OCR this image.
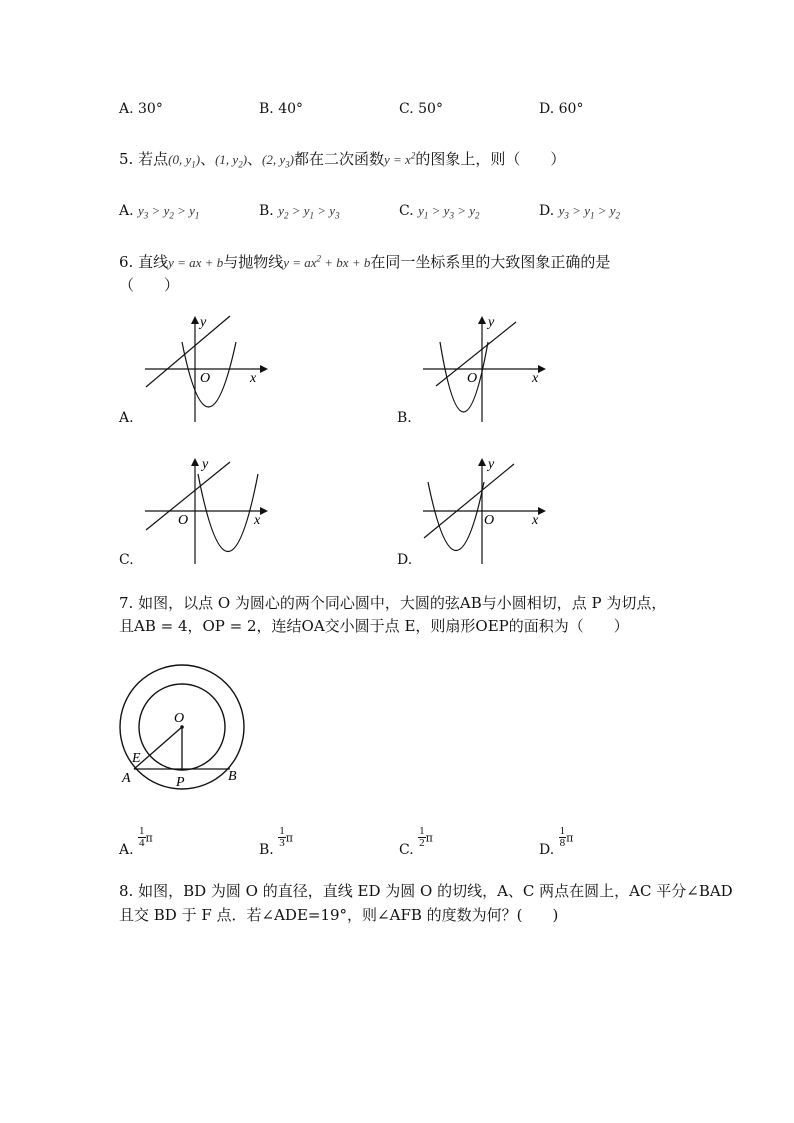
A. 30°	B. 40°	C. 50°	D. 60°
5. 若点(0, $y_1$)、(1, $y_2$)、(2, $y_3$)都在二次函数$y = x^2$的图象上，则（　　）
A. $y_3 > y_2 > y_1$	B. $y_2 > y_1 > y_3$	C. $y_1 > y_3 > y_2$	D. $y_3 > y_1 > y_2$
6. 直线y = ax + b与抛物线$y = ax^2$ + bx + b在同一坐标系里的大致图象正确的是
（　　）
y
x
O
A.
y
x
O
B.
y
x
O
C.
y
x
O
D.
7. 如图，以点 O 为圆心的两个同心圆中，大圆的弦AB与小圆相切，点 P 为切点，
且AB = 4，OP = 2，连结OA交小圆于点 E，则扇形OEP的面积为（　　）
O
E
A	P	B
A.
$\frac{1}{4}$ π
B.
$\frac{1}{3}$ π
C.
$\frac{1}{2}$ π
D.
$\frac{1}{8}$ π
8. 如图，BD 为圆 O 的直径，直线 ED 为圆 O 的切线，A、C 两点在圆上，AC 平分∠BAD
且交 BD 于 F 点．若∠ADE=19°，则∠AFB 的度数为何？(　　)
